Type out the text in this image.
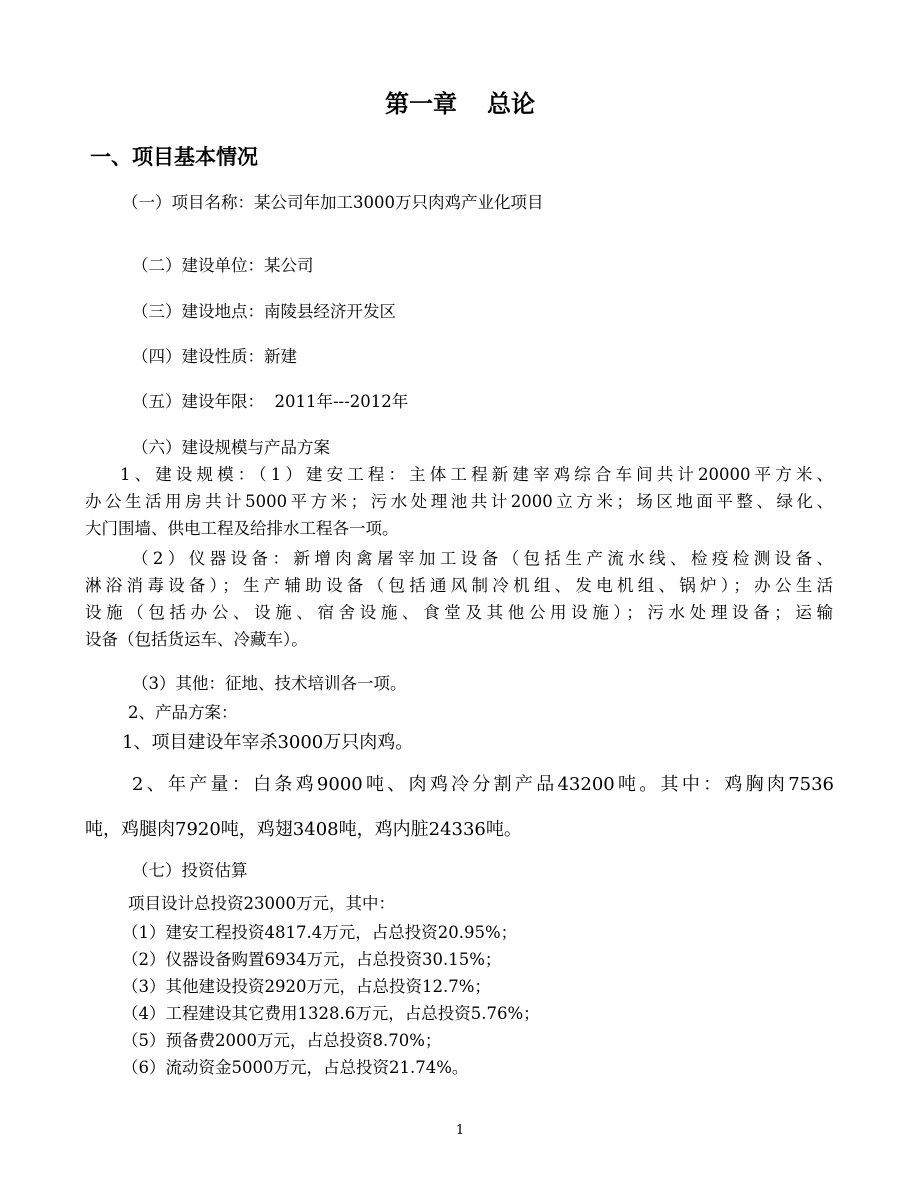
第一章 总论
一、项目基本情况

（一）项目名称：某公司年加工3000万只肉鸡产业化项目

（二）建设单位：某公司

（三）建设地点：南陵县经济开发区

（四）建设性质：新建

（五）建设年限：  2011年---2012年

（六）建设规模与产品方案

1、建设规模：（1）建安工程：主体工程新建宰鸡综合车间共计20000平方米、

办公生活用房共计5000平方米；污水处理池共计2000立方米；场区地面平整、绿化、

大门围墙、供电工程及给排水工程各一项。

（2）仪器设备：新增肉禽屠宰加工设备（包括生产流水线、检疫检测设备、

淋浴消毒设备）；生产辅助设备（包括通风制冷机组、发电机组、锅炉）；办公生活

设施（包括办公、设施、宿舍设施、食堂及其他公用设施）；污水处理设备；运输

设备（包括货运车、冷藏车）。

（3）其他：征地、技术培训各一项。

2、产品方案：

1、项目建设年宰杀3000万只肉鸡。

2、年产量：白条鸡9000吨、肉鸡冷分割产品43200吨。其中：鸡胸肉7536

吨，鸡腿肉7920吨，鸡翅3408吨，鸡内脏24336吨。

（七）投资估算

项目设计总投资23000万元，其中：

（1）建安工程投资4817.4万元，占总投资20.95%；

（2）仪器设备购置6934万元，占总投资30.15%；

（3）其他建设投资2920万元，占总投资12.7%；

（4）工程建设其它费用1328.6万元，占总投资5.76%；

（5）预备费2000万元，占总投资8.70%；

（6）流动资金5000万元，占总投资21.74%。

1
